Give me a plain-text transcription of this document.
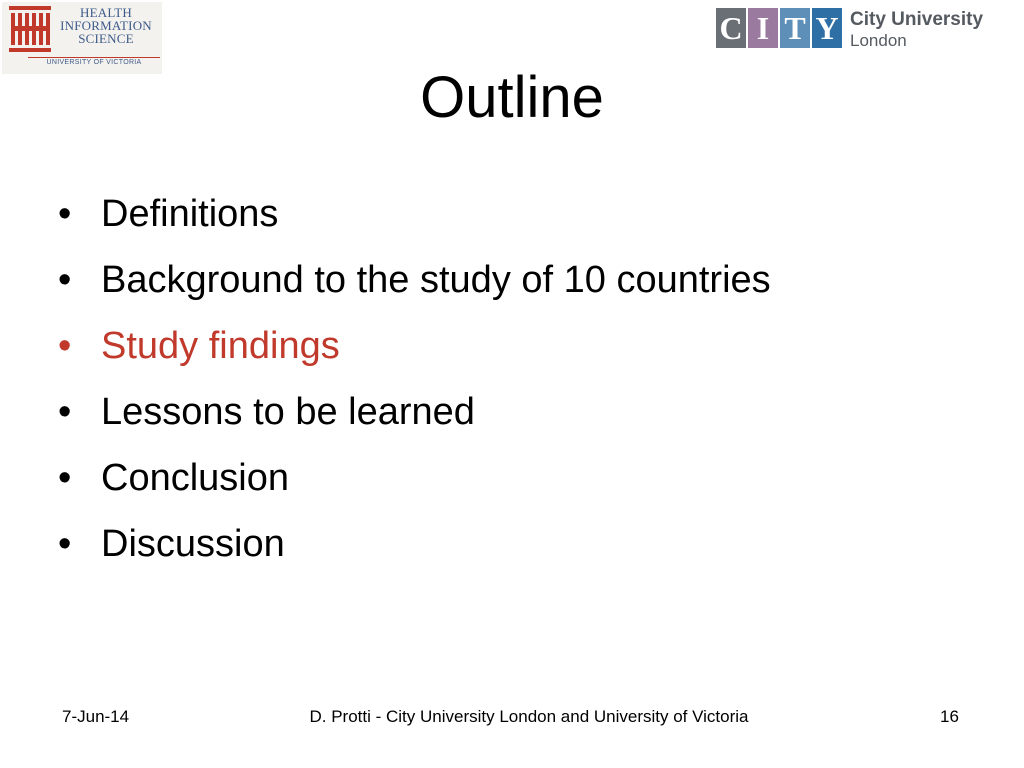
HEALTH
INFORMATION
SCIENCE
UNIVERSITY OF VICTORIA
C I T Y City University
London
Outline
• Definitions
• Background to the study of 10 countries
• Study findings
• Lessons to be learned
• Conclusion
• Discussion
7-Jun-14	D. Protti - City University London and University of Victoria	16
